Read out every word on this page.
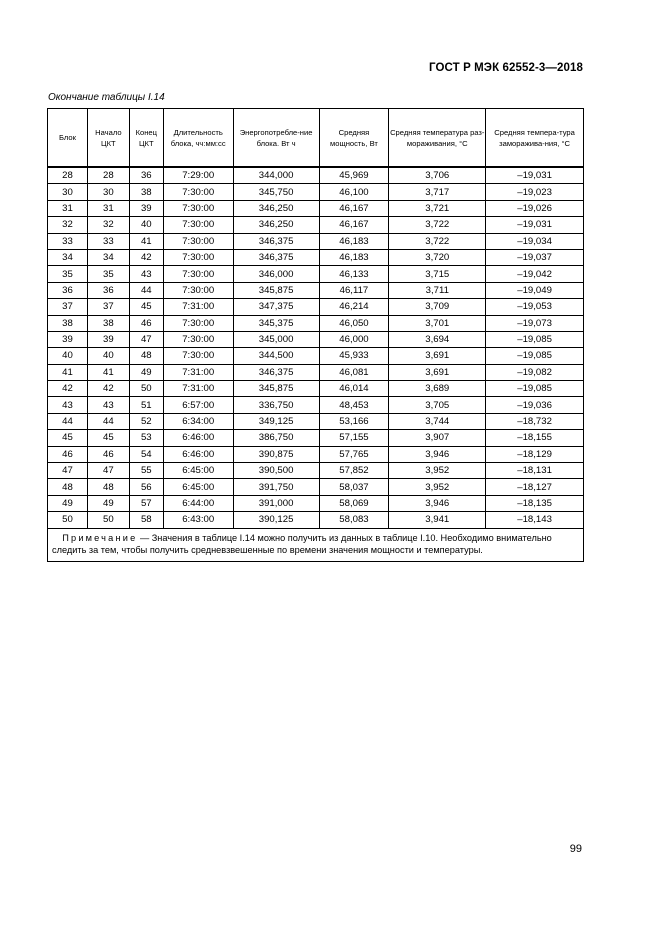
ГОСТ Р МЭК 62552-3—2018
Окончание таблицы I.14
Блок	Начало ЦКТ	Конец ЦКТ	Длительность блока, чч:мм:сс	Энергопотребле-ние блока. Вт ч	Средняя мощность, Вт	Средняя температура раз-мораживания, °С	Средняя темпера-тура заморажива-ния, °С
28	28	36	7:29:00	344,000	45,969	3,706	–19,031
30	30	38	7:30:00	345,750	46,100	3,717	–19,023
31	31	39	7:30:00	346,250	46,167	3,721	–19,026
32	32	40	7:30:00	346,250	46,167	3,722	–19,031
33	33	41	7:30:00	346,375	46,183	3,722	–19,034
34	34	42	7:30:00	346,375	46,183	3,720	–19,037
35	35	43	7:30:00	346,000	46,133	3,715	–19,042
36	36	44	7:30:00	345,875	46,117	3,711	–19,049
37	37	45	7:31:00	347,375	46,214	3,709	–19,053
38	38	46	7:30:00	345,375	46,050	3,701	–19,073
39	39	47	7:30:00	345,000	46,000	3,694	–19,085
40	40	48	7:30:00	344,500	45,933	3,691	–19,085
41	41	49	7:31:00	346,375	46,081	3,691	–19,082
42	42	50	7:31:00	345,875	46,014	3,689	–19,085
43	43	51	6:57:00	336,750	48,453	3,705	–19,036
44	44	52	6:34:00	349,125	53,166	3,744	–18,732
45	45	53	6:46:00	386,750	57,155	3,907	–18,155
46	46	54	6:46:00	390,875	57,765	3,946	–18,129
47	47	55	6:45:00	390,500	57,852	3,952	–18,131
48	48	56	6:45:00	391,750	58,037	3,952	–18,127
49	49	57	6:44:00	391,000	58,069	3,946	–18,135
50	50	58	6:43:00	390,125	58,083	3,941	–18,143
Примечание — Значения в таблице I.14 можно получить из данных в таблице I.10. Необходимо внимательно следить за тем, чтобы получить средневзвешенные по времени значения мощности и температуры.							
99
